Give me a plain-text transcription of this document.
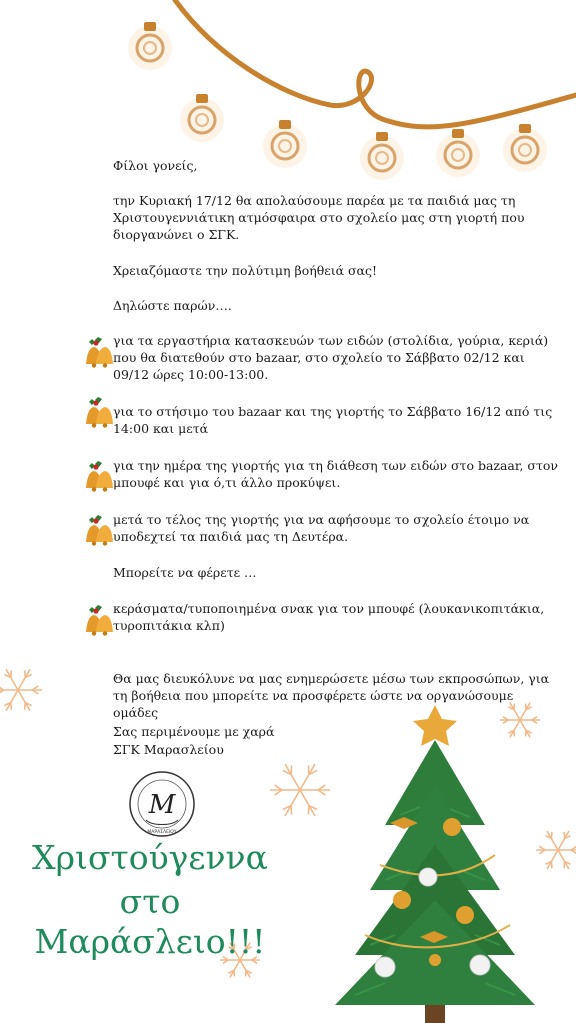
Φίλοι γονείς,
την Κυριακή 17/12 θα απολαύσουμε παρέα με τα παιδιά μας τη Χριστουγεννιάτικη ατμόσφαιρα στο σχολείο μας στη γιορτή που διοργανώνει ο ΣΓΚ.
Χρειαζόμαστε την πολύτιμη βοήθειά σας!
Δηλώστε παρών….
για τα εργαστήρια κατασκευών των ειδών (στολίδια, γούρια, κεριά) που θα διατεθούν στο bazaar, στο σχολείο το Σάββατο 02/12 και 09/12 ώρες 10:00-13:00.
για το στήσιμο του bazaar και της γιορτής το Σάββατο 16/12 από τις 14:00 και μετά
για την ημέρα της γιορτής για τη διάθεση των ειδών στο bazaar, στον μπουφέ και για ό,τι άλλο προκύψει.
μετά το τέλος της γιορτής για να αφήσουμε το σχολείο έτοιμο να υποδεχτεί τα παιδιά μας τη Δευτέρα.
Μπορείτε να φέρετε …
κεράσματα/τυποποιημένα σνακ για τον μπουφέ (λουκανικοπιτάκια, τυροπιτάκια κλπ)
Θα μας διευκόλυνε να μας ενημερώσετε μέσω των εκπροσώπων, για τη βοήθεια που μπορείτε να προσφέρετε ώστε να οργανώσουμε ομάδες
Σας περιμένουμε με χαρά
ΣΓΚ Μαρασλείου
M
ΜΑΡΑΣΛΕΙΟΥ
Χριστούγεννα
στο
Μαράσλειο!!!
